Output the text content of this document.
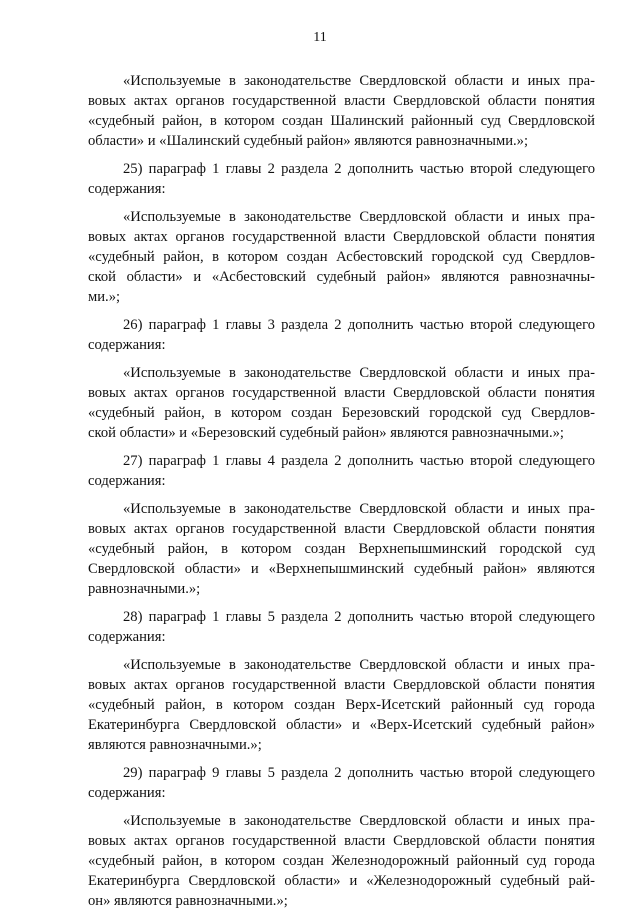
11
«Используемые в законодательстве Свердловской области и иных пра-
вовых актах органов государственной власти Свердловской области понятия
«судебный район, в котором создан Шалинский районный суд Свердловской
области» и «Шалинский судебный район» являются равнозначными.»;
25) параграф 1 главы 2 раздела 2 дополнить частью второй следующего
содержания:
«Используемые в законодательстве Свердловской области и иных пра-
вовых актах органов государственной власти Свердловской области понятия
«судебный район, в котором создан Асбестовский городской суд Свердлов-
ской области» и «Асбестовский судебный район» являются равнозначны-
ми.»;
26) параграф 1 главы 3 раздела 2 дополнить частью второй следующего
содержания:
«Используемые в законодательстве Свердловской области и иных пра-
вовых актах органов государственной власти Свердловской области понятия
«судебный район, в котором создан Березовский городской суд Свердлов-
ской области» и «Березовский судебный район» являются равнозначными.»;
27) параграф 1 главы 4 раздела 2 дополнить частью второй следующего
содержания:
«Используемые в законодательстве Свердловской области и иных пра-
вовых актах органов государственной власти Свердловской области понятия
«судебный район, в котором создан Верхнепышминский городской суд
Свердловской области» и «Верхнепышминский судебный район» являются
равнозначными.»;
28) параграф 1 главы 5 раздела 2 дополнить частью второй следующего
содержания:
«Используемые в законодательстве Свердловской области и иных пра-
вовых актах органов государственной власти Свердловской области понятия
«судебный район, в котором создан Верх-Исетский районный суд города
Екатеринбурга Свердловской области» и «Верх-Исетский судебный район»
являются равнозначными.»;
29) параграф 9 главы 5 раздела 2 дополнить частью второй следующего
содержания:
«Используемые в законодательстве Свердловской области и иных пра-
вовых актах органов государственной власти Свердловской области понятия
«судебный район, в котором создан Железнодорожный районный суд города
Екатеринбурга Свердловской области» и «Железнодорожный судебный рай-
он» являются равнозначными.»;
